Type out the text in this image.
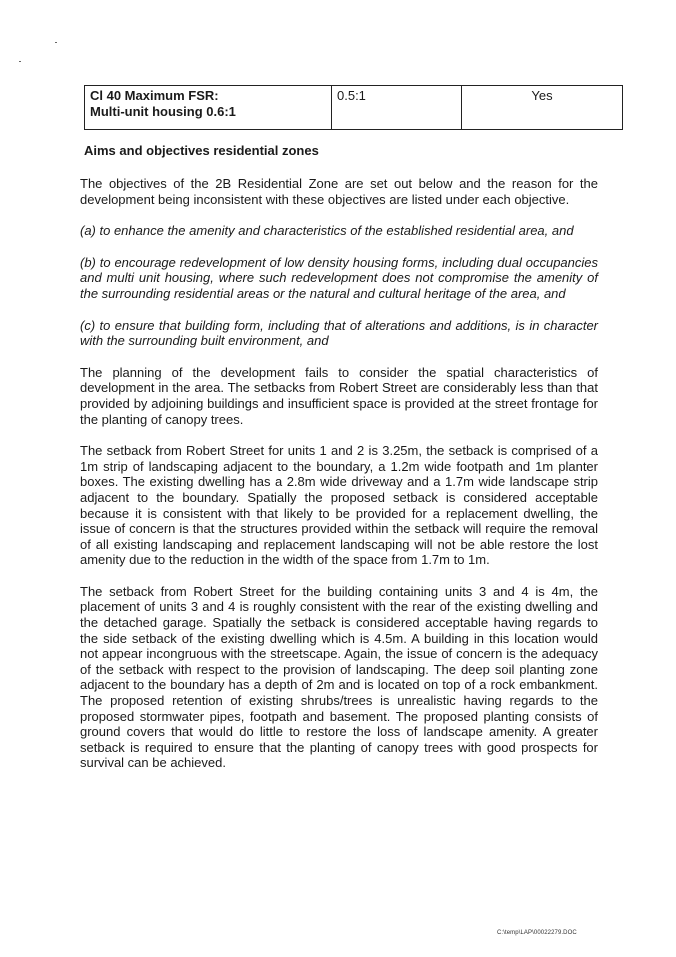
Cl 40 Maximum FSR:
Multi-unit housing 0.6:1
	0.5:1	Yes
Aims and objectives residential zones

The objectives of the 2B Residential Zone are set out below and the reason for the development being inconsistent with these objectives are listed under each objective.

(a) to enhance the amenity and characteristics of the established residential area, and

(b) to encourage redevelopment of low density housing forms, including dual occupancies and multi unit housing, where such redevelopment does not compromise the amenity of the surrounding residential areas or the natural and cultural heritage of the area, and

(c) to ensure that building form, including that of alterations and additions, is in character with the surrounding built environment, and

The planning of the development fails to consider the spatial characteristics of development in the area. The setbacks from Robert Street are considerably less than that provided by adjoining buildings and insufficient space is provided at the street frontage for the planting of canopy trees.

The setback from Robert Street for units 1 and 2 is 3.25m, the setback is comprised of a 1m strip of landscaping adjacent to the boundary, a 1.2m wide footpath and 1m planter boxes. The existing dwelling has a 2.8m wide driveway and a 1.7m wide landscape strip adjacent to the boundary. Spatially the proposed setback is considered acceptable because it is consistent with that likely to be provided for a replacement dwelling, the issue of concern is that the structures provided within the setback will require the removal of all existing landscaping and replacement landscaping will not be able restore the lost amenity due to the reduction in the width of the space from 1.7m to 1m.

The setback from Robert Street for the building containing units 3 and 4 is 4m, the placement of units 3 and 4 is roughly consistent with the rear of the existing dwelling and the detached garage. Spatially the setback is considered acceptable having regards to the side setback of the existing dwelling which is 4.5m. A building in this location would not appear incongruous with the streetscape. Again, the issue of concern is the adequacy of the setback with respect to the provision of landscaping. The deep soil planting zone adjacent to the boundary has a depth of 2m and is located on top of a rock embankment. The proposed retention of existing shrubs/trees is unrealistic having regards to the proposed stormwater pipes, footpath and basement. The proposed planting consists of ground covers that would do little to restore the loss of landscape amenity. A greater setback is required to ensure that the planting of canopy trees with good prospects for survival can be achieved.

C:\temp\LAP\00022279.DOC
